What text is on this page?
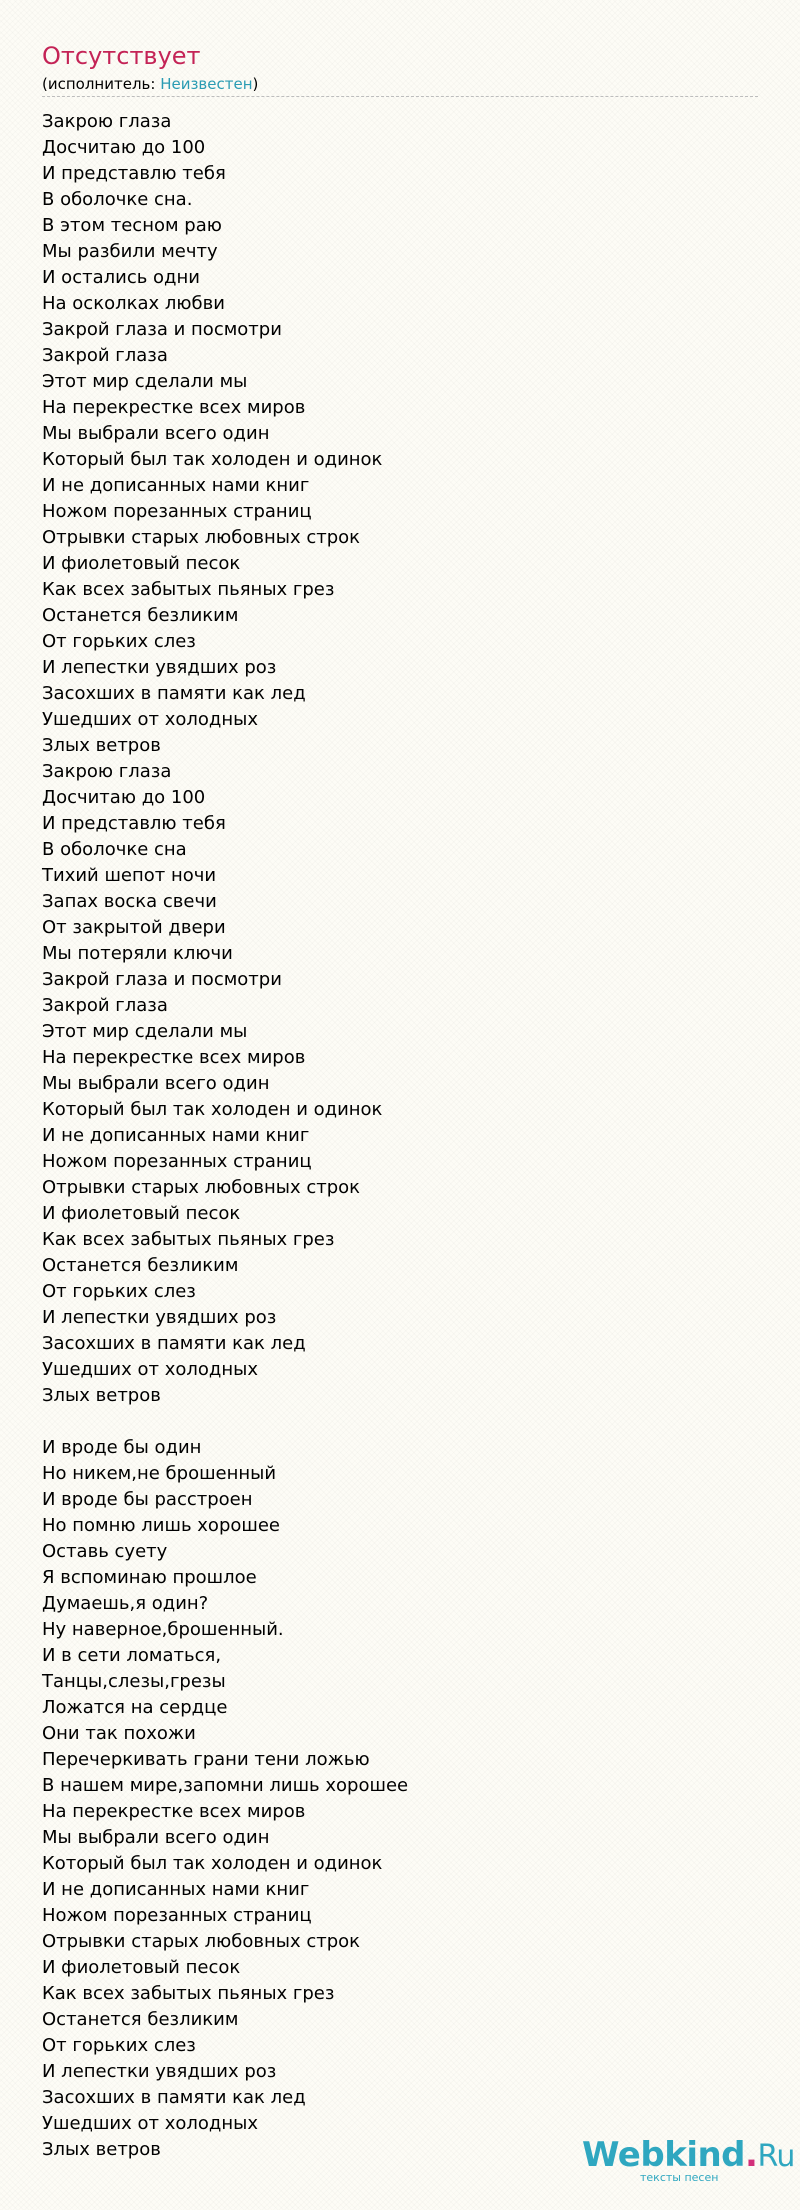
Отсутствует
(исполнитель: Неизвестен)
Закрою глаза
Досчитаю до 100
И представлю тебя
В оболочке сна.
В этом тесном раю
Мы разбили мечту
И остались одни
На осколках любви
Закрой глаза и посмотри
Закрой глаза
Этот мир сделали мы
На перекрестке всех миров
Мы выбрали всего один
Который был так холоден и одинок
И не дописанных нами книг
Ножом порезанных страниц
Отрывки старых любовных строк
И фиолетовый песок
Как всех забытых пьяных грез
Останется безликим
От горьких слез
И лепестки увядших роз
Засохших в памяти как лед
Ушедших от холодных
Злых ветров
Закрою глаза
Досчитаю до 100
И представлю тебя
В оболочке сна
Тихий шепот ночи
Запах воска свечи
От закрытой двери
Мы потеряли ключи
Закрой глаза и посмотри
Закрой глаза
Этот мир сделали мы
На перекрестке всех миров
Мы выбрали всего один
Который был так холоден и одинок
И не дописанных нами книг
Ножом порезанных страниц
Отрывки старых любовных строк
И фиолетовый песок
Как всех забытых пьяных грез
Останется безликим
От горьких слез
И лепестки увядших роз
Засохших в памяти как лед
Ушедших от холодных
Злых ветров
И вроде бы один
Но никем,не брошенный
И вроде бы расстроен
Но помню лишь хорошее
Оставь суету
Я вспоминаю прошлое
Думаешь,я один?
Ну наверное,брошенный.
И в сети ломаться,
Танцы,слезы,грезы
Ложатся на сердце
Они так похожи
Перечеркивать грани тени ложью
В нашем мире,запомни лишь хорошее
На перекрестке всех миров
Мы выбрали всего один
Который был так холоден и одинок
И не дописанных нами книг
Ножом порезанных страниц
Отрывки старых любовных строк
И фиолетовый песок
Как всех забытых пьяных грез
Останется безликим
От горьких слез
И лепестки увядших роз
Засохших в памяти как лед
Ушедших от холодных
Злых ветров	Webkind.Ru
тексты песен
